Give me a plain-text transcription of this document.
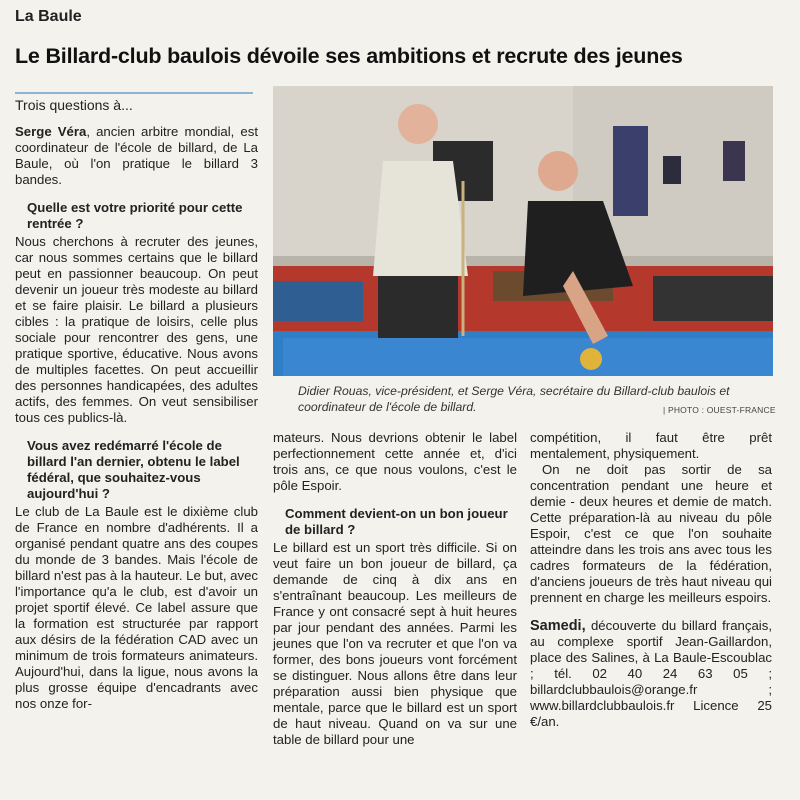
La Baule
Le Billard-club baulois dévoile ses ambitions et recrute des jeunes
Trois questions à...
Didier Rouas, vice-président, et Serge Véra, secrétaire du Billard-club baulois et coordinateur de l'école de billard.	| PHOTO : OUEST-FRANCE

Serge Véra, ancien arbitre mondial, est coordinateur de l'école de billard, de La Baule, où l'on pratique le billard 3 bandes.

Quelle est votre priorité pour cette rentrée ?

Nous cherchons à recruter des jeunes, car nous sommes certains que le billard peut en passionner beaucoup. On peut devenir un joueur très modeste au billard et se faire plaisir. Le billard a plusieurs cibles : la pratique de loisirs, celle plus sociale pour rencontrer des gens, une pratique sportive, éducative. Nous avons de multiples facettes. On peut accueillir des personnes handicapées, des adultes actifs, des femmes. On veut sensibiliser tous ces publics-là.

Vous avez redémarré l'école de billard l'an dernier, obtenu le label fédéral, que souhaitez-vous aujourd'hui ?

Le club de La Baule est le dixième club de France en nombre d'adhérents. Il a organisé pendant quatre ans des coupes du monde de 3 bandes. Mais l'école de billard n'est pas à la hauteur. Le but, avec l'importance qu'a le club, est d'avoir un projet sportif élevé. Ce label assure que la formation est structurée par rapport aux désirs de la fédération CAD avec un minimum de trois formateurs animateurs. Aujourd'hui, dans la ligue, nous avons la plus grosse équipe d'encadrants avec nos onze for-

mateurs. Nous devrions obtenir le label perfectionnement cette année et, d'ici trois ans, ce que nous voulons, c'est le pôle Espoir.

Comment devient-on un bon joueur de billard ?

Le billard est un sport très difficile. Si on veut faire un bon joueur de billard, ça demande de cinq à dix ans en s'entraînant beaucoup. Les meilleurs de France y ont consacré sept à huit heures par jour pendant des années. Parmi les jeunes que l'on va recruter et que l'on va former, des bons joueurs vont forcément se distinguer. Nous allons être dans leur préparation aussi bien physique que mentale, parce que le billard est un sport de haut niveau. Quand on va sur une table de billard pour une

compétition, il faut être prêt mentalement, physiquement.

On ne doit pas sortir de sa concentration pendant une heure et demie - deux heures et demie de match. Cette préparation-là au niveau du pôle Espoir, c'est ce que l'on souhaite atteindre dans les trois ans avec tous les cadres formateurs de la fédération, d'anciens joueurs de très haut niveau qui prennent en charge les meilleurs espoirs.

Samedi, découverte du billard français, au complexe sportif Jean-Gaillardon, place des Salines, à La Baule-Escoublac ; tél. 02 40 24 63 05 ; billardclubbaulois@orange.fr ; www.billardclubbaulois.fr Licence 25 €/an.
